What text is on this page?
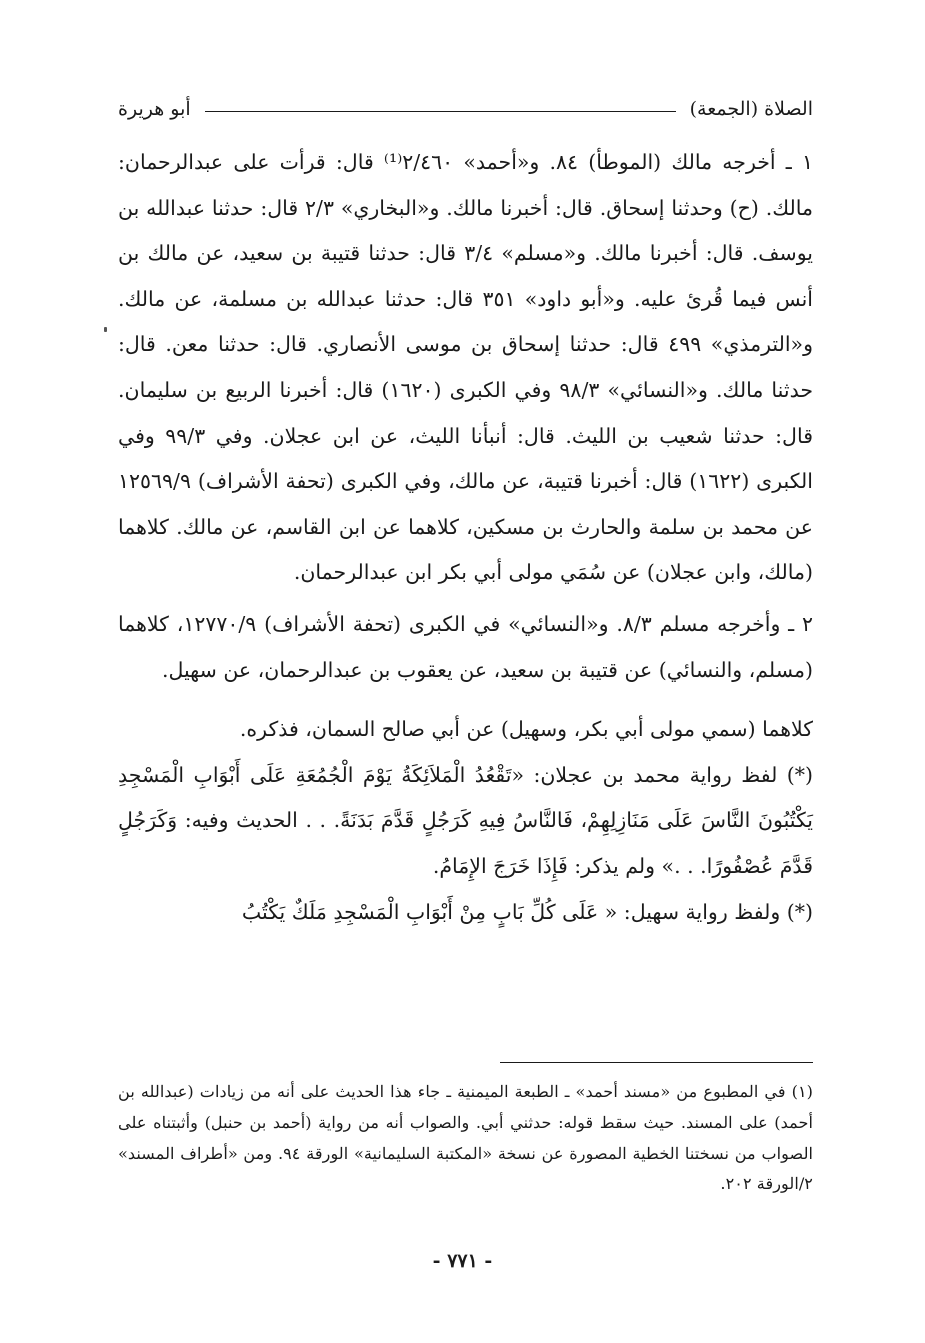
الصلاة (الجمعة)
أبو هريرة

١ ـ أخرجه مالك (الموطأ) ٨٤. و«أحمد» ٢/٤٦٠⁽¹⁾ قال: قرأت على عبدالرحمان: مالك. (ح) وحدثنا إسحاق. قال: أخبرنا مالك. و«البخاري» ٢/٣ قال: حدثنا عبدالله بن يوسف. قال: أخبرنا مالك. و«مسلم» ٣/٤ قال: حدثنا قتيبة بن سعيد، عن مالك بن أنس فيما قُرئ عليه. و«أبو داود» ٣٥١ قال: حدثنا عبدالله بن مسلمة، عن مالك. و«الترمذي» ٤٩٩ قال: حدثنا إسحاق بن موسى الأنصاري. قال: حدثنا معن. قال: حدثنا مالك. و«النسائي» ٩٨/٣ وفي الكبرى (١٦٢٠) قال: أخبرنا الربيع بن سليمان. قال: حدثنا شعيب بن الليث. قال: أنبأنا الليث، عن ابن عجلان. وفي ٩٩/٣ وفي الكبرى (١٦٢٢) قال: أخبرنا قتيبة، عن مالك، وفي الكبرى (تحفة الأشراف) ١٢٥٦٩/٩ عن محمد بن سلمة والحارث بن مسكين، كلاهما عن ابن القاسم، عن مالك. كلاهما (مالك، وابن عجلان) عن سُمَي مولى أبي بكر ابن عبدالرحمان.

٢ ـ وأخرجه مسلم ٨/٣. و«النسائي» في الكبرى (تحفة الأشراف) ١٢٧٧٠/٩، كلاهما (مسلم، والنسائي) عن قتيبة بن سعيد، عن يعقوب بن عبدالرحمان، عن سهيل.

كلاهما (سمي مولى أبي بكر، وسهيل) عن أبي صالح السمان، فذكره.

(*) لفظ رواية محمد بن عجلان: «تَقْعُدُ الْمَلاَئِكَةُ يَوْمَ الْجُمُعَةِ عَلَى أَبْوَابِ الْمَسْجِدِ يَكْتُبُونَ النَّاسَ عَلَى مَنَازِلِهِمْ، فَالنَّاسُ فِيهِ كَرَجُلٍ قَدَّمَ بَدَنَةً. . . الحديث وفيه: وَكَرَجُلٍ قَدَّمَ عُصْفُورًا. . .» ولم يذكر: فَإِذَا خَرَجَ الإِمَامُ.

(*) ولفظ رواية سهيل: « عَلَى كُلِّ بَابٍ مِنْ أَبْوَابِ الْمَسْجِدِ مَلَكٌ يَكْتُبُ

(١) في المطبوع من «مسند أحمد» ـ الطبعة الميمنية ـ جاء هذا الحديث على أنه من زيادات (عبدالله بن أحمد) على المسند. حيث سقط قوله: حدثني أبي. والصواب أنه من رواية (أحمد بن حنبل) وأثبتناه على الصواب من نسختنا الخطية المصورة عن نسخة «المكتبة السليمانية» الورقة ٩٤. ومن «أطراف المسند» ٢/الورقة ٢٠٢.

- ٧٧١ -
